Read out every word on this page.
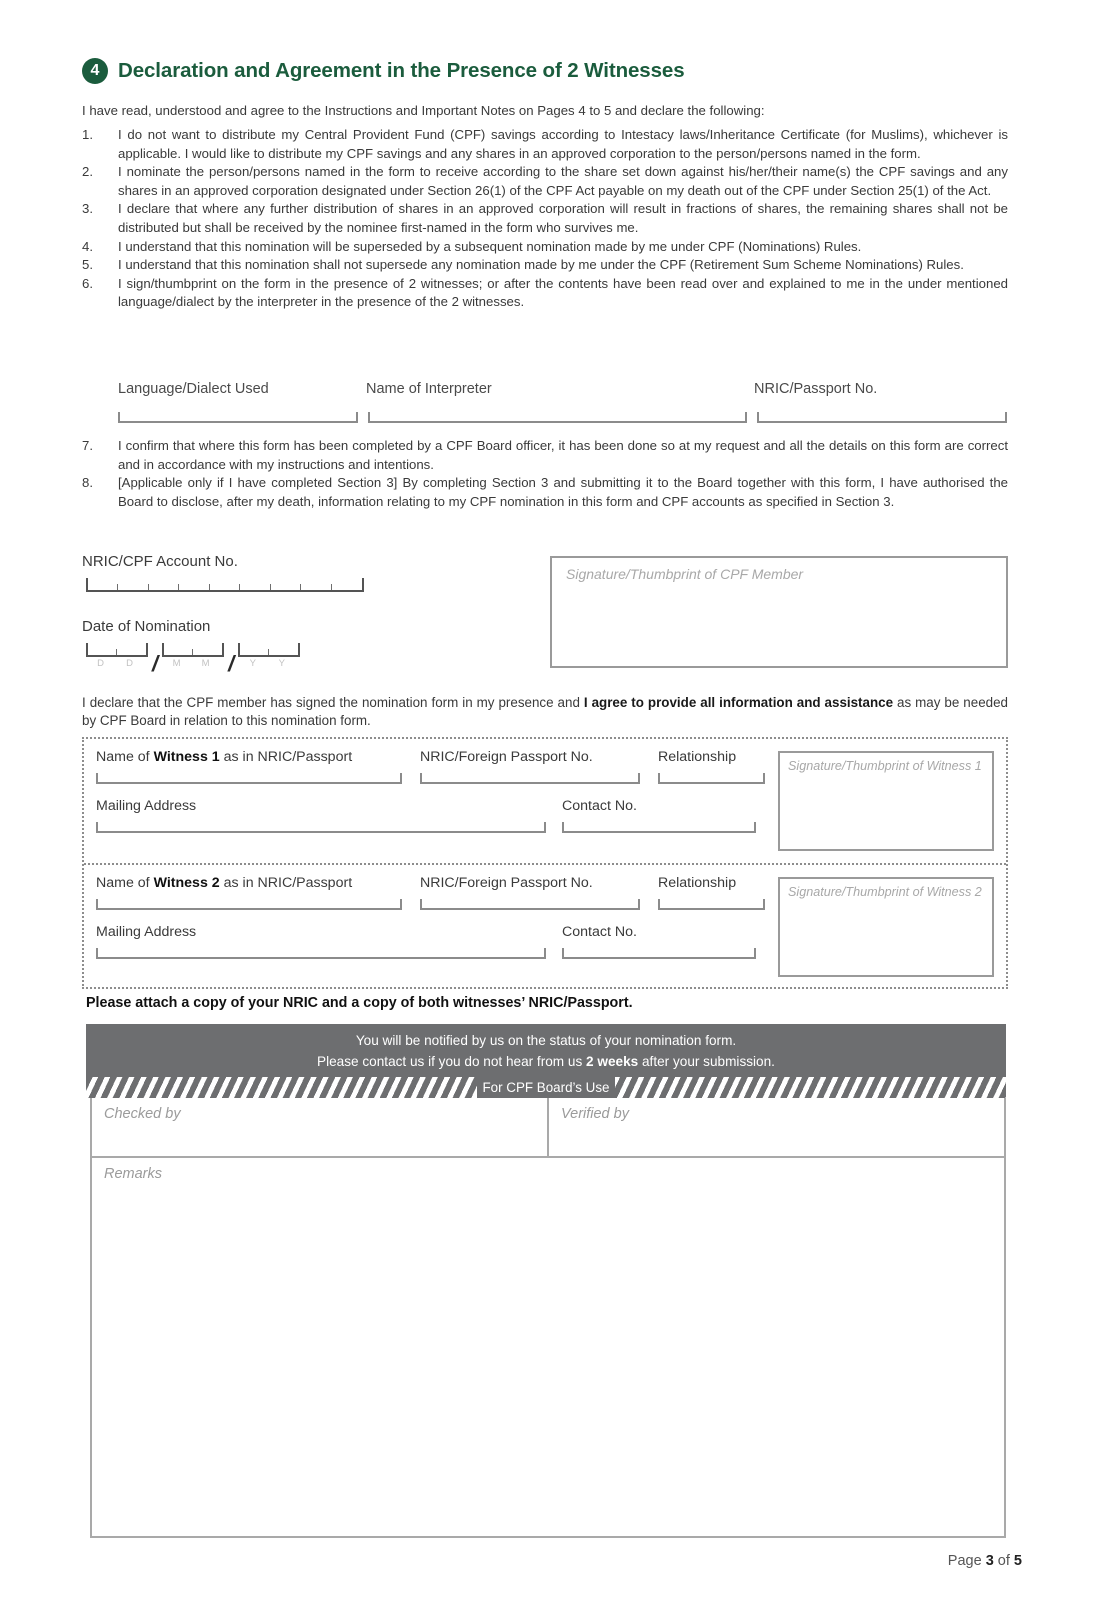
4 Declaration and Agreement in the Presence of 2 Witnesses
I have read, understood and agree to the Instructions and Important Notes on Pages 4 to 5 and declare the following:
1.	I do not want to distribute my Central Provident Fund (CPF) savings according to Intestacy laws/Inheritance Certificate (for Muslims), whichever is applicable. I would like to distribute my CPF savings and any shares in an approved corporation to the person/persons named in the form.
2.	I nominate the person/persons named in the form to receive according to the share set down against his/her/their name(s) the CPF savings and any shares in an approved corporation designated under Section 26(1) of the CPF Act payable on my death out of the CPF under Section 25(1) of the Act.
3.	I declare that where any further distribution of shares in an approved corporation will result in fractions of shares, the remaining shares shall not be distributed but shall be received by the nominee first-named in the form who survives me.
4.	I understand that this nomination will be superseded by a subsequent nomination made by me under CPF (Nominations) Rules.
5.	I understand that this nomination shall not supersede any nomination made by me under the CPF (Retirement Sum Scheme Nominations) Rules.
6.	I sign/thumbprint on the form in the presence of 2 witnesses; or after the contents have been read over and explained to me in the under mentioned language/dialect by the interpreter in the presence of the 2 witnesses.
Language/Dialect Used	Name of Interpreter	NRIC/Passport No.
7.	I confirm that where this form has been completed by a CPF Board officer, it has been done so at my request and all the details on this form are correct and in accordance with my instructions and intentions.
8.	[Applicable only if I have completed Section 3] By completing Section 3 and submitting it to the Board together with this form, I have authorised the Board to disclose, after my death, information relating to my CPF nomination in this form and CPF accounts as specified in Section 3.
NRIC/CPF Account No.
Date of Nomination
D	D /	M	M /	Y	Y
Signature/Thumbprint of CPF Member
I declare that the CPF member has signed the nomination form in my presence and I agree to provide all information and assistance as may be needed by CPF Board in relation to this nomination form.
Name of Witness 1 as in NRIC/Passport	NRIC/Foreign Passport No.	Relationship
Mailing Address	Contact No.
Signature/Thumbprint of Witness 1
Name of Witness 2 as in NRIC/Passport	NRIC/Foreign Passport No.	Relationship
Mailing Address	Contact No.
Signature/Thumbprint of Witness 2
Please attach a copy of your NRIC and a copy of both witnesses’ NRIC/Passport.
You will be notified by us on the status of your nomination form.
Please contact us if you do not hear from us 2 weeks after your submission.
For CPF Board’s Use
Checked by	Verified by
Remarks
Page 3 of 5
